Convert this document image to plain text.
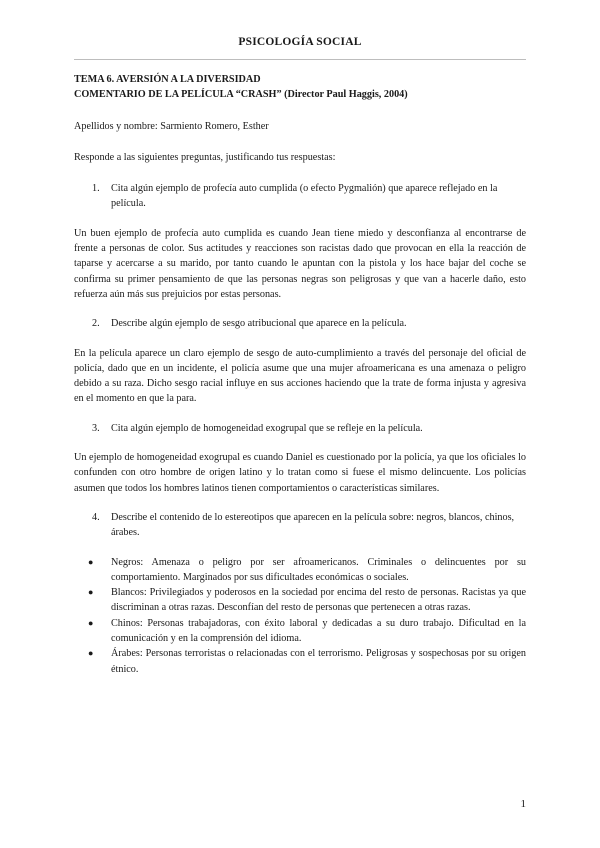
PSICOLOGÍA SOCIAL

TEMA 6. AVERSIÓN A LA DIVERSIDAD

COMENTARIO DE LA PELÍCULA “CRASH” (Director Paul Haggis, 2004)

Apellidos y nombre: Sarmiento Romero, Esther

Responde a las siguientes preguntas, justificando tus respuestas:

1.	Cita algún ejemplo de profecía auto cumplida (o efecto Pygmalión) que aparece reflejado en la película.

Un buen ejemplo de profecía auto cumplida es cuando Jean tiene miedo y desconfianza al encontrarse de frente a personas de color. Sus actitudes y reacciones son racistas dado que provocan en ella la reacción de taparse y acercarse a su marido, por tanto cuando le apuntan con la pistola y los hace bajar del coche se confirma su primer pensamiento de que las personas negras son peligrosas y que van a hacerle daño, esto refuerza aún más sus prejuicios por estas personas.

2.	Describe algún ejemplo de sesgo atribucional que aparece en la película.

En la película aparece un claro ejemplo de sesgo de auto-cumplimiento a través del personaje del oficial de policía, dado que en un incidente, el policía asume que una mujer afroamericana es una amenaza o peligro debido a su raza. Dicho sesgo racial influye en sus acciones haciendo que la trate de forma injusta y agresiva en el momento en que la para.

3.	Cita algún ejemplo de homogeneidad exogrupal que se refleje en la película.

Un ejemplo de homogeneidad exogrupal es cuando Daniel es cuestionado por la policía, ya que los oficiales lo confunden con otro hombre de origen latino y lo tratan como si fuese el mismo delincuente. Los policías asumen que todos los hombres latinos tienen comportamientos o características similares.

4.	Describe el contenido de lo estereotipos que aparecen en la película sobre: negros, blancos, chinos, árabes.
●	Negros: Amenaza o peligro por ser afroamericanos. Criminales o delincuentes por su comportamiento. Marginados por sus dificultades económicas o sociales.
●	Blancos: Privilegiados y poderosos en la sociedad por encima del resto de personas. Racistas ya que discriminan a otras razas. Desconfían del resto de personas que pertenecen a otras razas.
●	Chinos: Personas trabajadoras, con éxito laboral y dedicadas a su duro trabajo. Dificultad en la comunicación y en la comprensión del idioma.
●	Árabes: Personas terroristas o relacionadas con el terrorismo. Peligrosas y sospechosas por su origen étnico.
1
